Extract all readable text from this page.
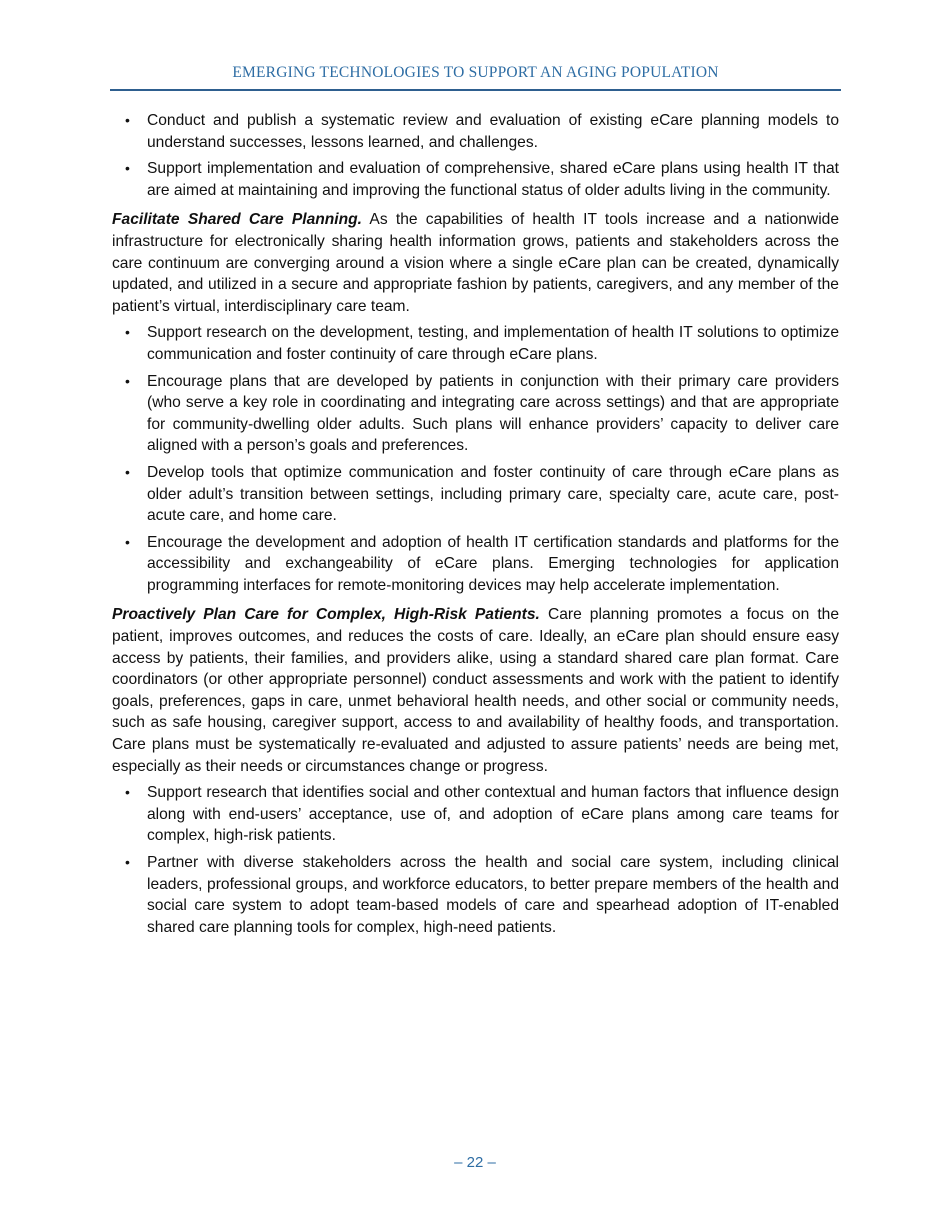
EMERGING TECHNOLOGIES TO SUPPORT AN AGING POPULATION
• Conduct and publish a systematic review and evaluation of existing eCare planning models to understand successes, lessons learned, and challenges.
• Support implementation and evaluation of comprehensive, shared eCare plans using health IT that are aimed at maintaining and improving the functional status of older adults living in the community.

Facilitate Shared Care Planning. As the capabilities of health IT tools increase and a nationwide infrastructure for electronically sharing health information grows, patients and stakeholders across the care continuum are converging around a vision where a single eCare plan can be created, dynamically updated, and utilized in a secure and appropriate fashion by patients, caregivers, and any member of the patient’s virtual, interdisciplinary care team.

• Support research on the development, testing, and implementation of health IT solutions to optimize communication and foster continuity of care through eCare plans.
• Encourage plans that are developed by patients in conjunction with their primary care providers (who serve a key role in coordinating and integrating care across settings) and that are appropriate for community-dwelling older adults. Such plans will enhance providers’ capacity to deliver care aligned with a person’s goals and preferences.
• Develop tools that optimize communication and foster continuity of care through eCare plans as older adult’s transition between settings, including primary care, specialty care, acute care, post-acute care, and home care.
• Encourage the development and adoption of health IT certification standards and platforms for the accessibility and exchangeability of eCare plans. Emerging technologies for application programming interfaces for remote-monitoring devices may help accelerate implementation.

Proactively Plan Care for Complex, High-Risk Patients. Care planning promotes a focus on the patient, improves outcomes, and reduces the costs of care. Ideally, an eCare plan should ensure easy access by patients, their families, and providers alike, using a standard shared care plan format. Care coordinators (or other appropriate personnel) conduct assessments and work with the patient to identify goals, preferences, gaps in care, unmet behavioral health needs, and other social or community needs, such as safe housing, caregiver support, access to and availability of healthy foods, and transportation. Care plans must be systematically re-evaluated and adjusted to assure patients’ needs are being met, especially as their needs or circumstances change or progress.

• Support research that identifies social and other contextual and human factors that influence design along with end-users’ acceptance, use of, and adoption of eCare plans among care teams for complex, high-risk patients.
• Partner with diverse stakeholders across the health and social care system, including clinical leaders, professional groups, and workforce educators, to better prepare members of the health and social care system to adopt team-based models of care and spearhead adoption of IT-enabled shared care planning tools for complex, high-need patients.
– 22 –
